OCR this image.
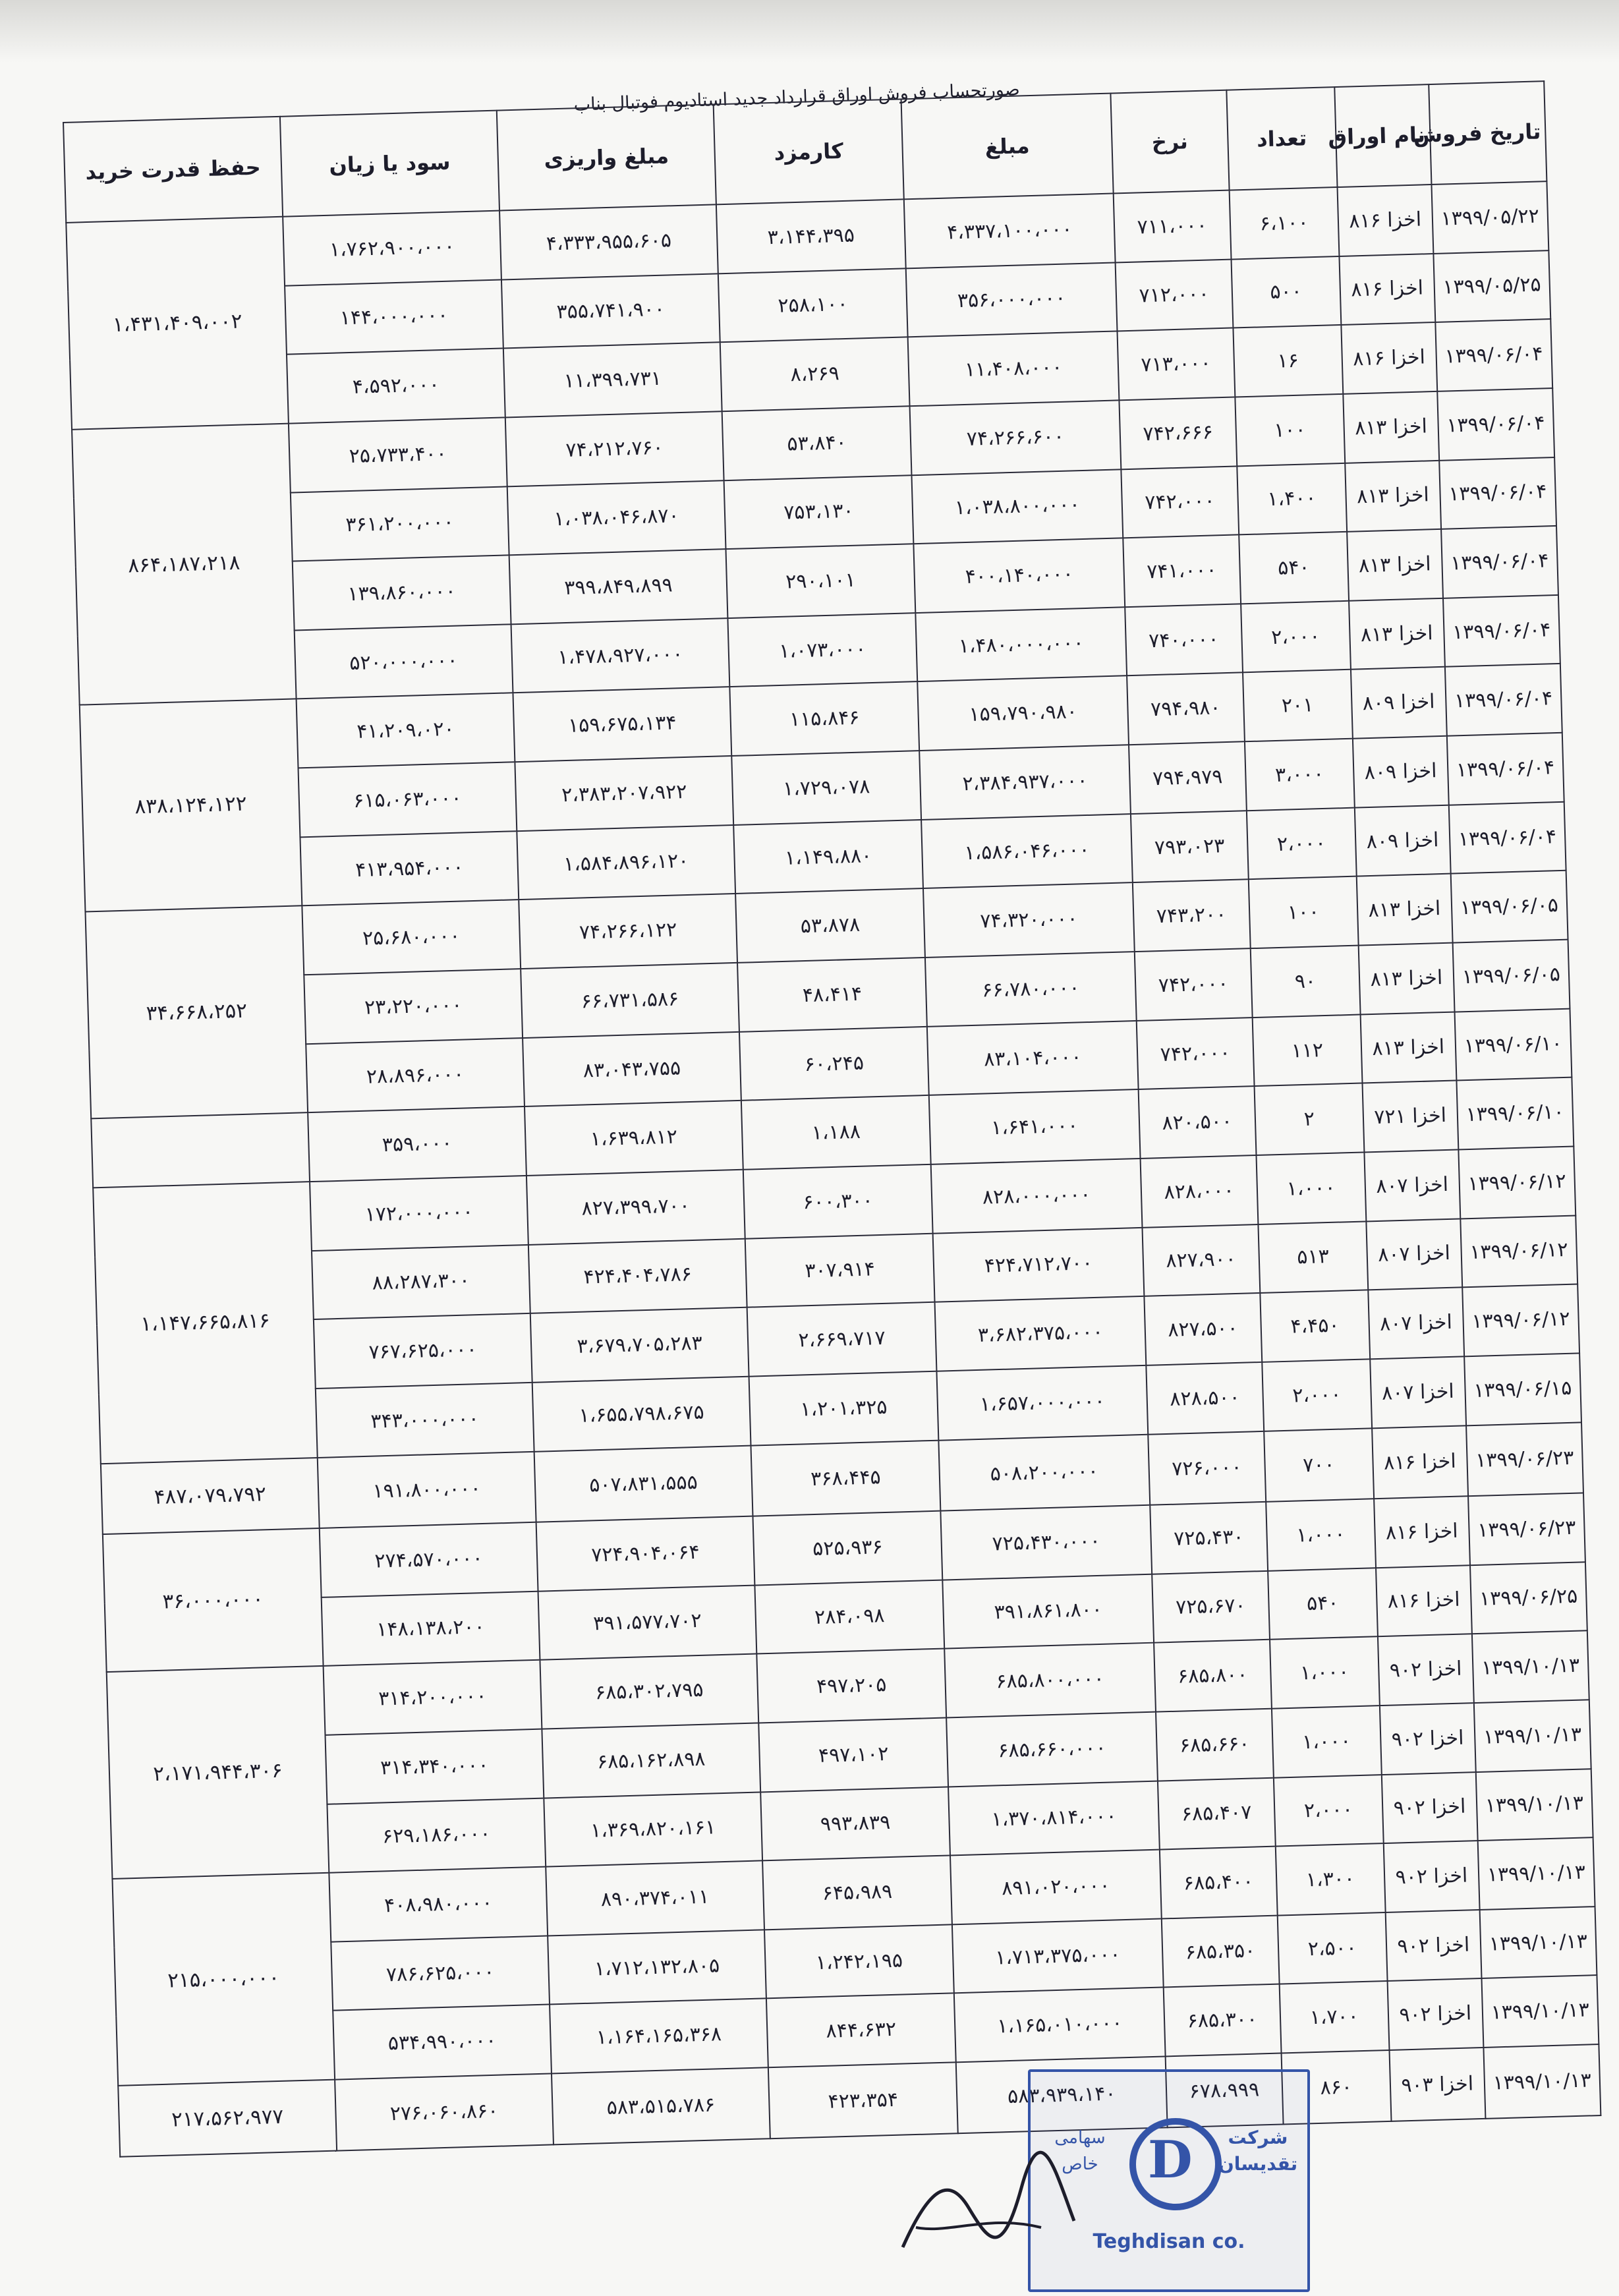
صورتحساب فروش اوراق قرارداد جدید استادیوم فوتبال بناب
تاریخ فروش	نام اوراق	تعداد	نرخ	مبلغ	کارمزد	مبلغ واریزی	سود یا زیان	حفظ قدرت خرید
۱۳۹۹/۰۵/۲۲	اخزا ۸۱۶	۶،۱۰۰	۷۱۱،۰۰۰	۴،۳۳۷،۱۰۰،۰۰۰	۳،۱۴۴،۳۹۵	۴،۳۳۳،۹۵۵،۶۰۵	۱،۷۶۲،۹۰۰،۰۰۰	۱،۴۳۱،۴۰۹،۰۰۲
۱۳۹۹/۰۵/۲۵	اخزا ۸۱۶	۵۰۰	۷۱۲،۰۰۰	۳۵۶،۰۰۰،۰۰۰	۲۵۸،۱۰۰	۳۵۵،۷۴۱،۹۰۰	۱۴۴،۰۰۰،۰۰۰	
۱۳۹۹/۰۶/۰۴	اخزا ۸۱۶	۱۶	۷۱۳،۰۰۰	۱۱،۴۰۸،۰۰۰	۸،۲۶۹	۱۱،۳۹۹،۷۳۱	۴،۵۹۲،۰۰۰	
۱۳۹۹/۰۶/۰۴	اخزا ۸۱۳	۱۰۰	۷۴۲،۶۶۶	۷۴،۲۶۶،۶۰۰	۵۳،۸۴۰	۷۴،۲۱۲،۷۶۰	۲۵،۷۳۳،۴۰۰	۸۶۴،۱۸۷،۲۱۸
۱۳۹۹/۰۶/۰۴	اخزا ۸۱۳	۱،۴۰۰	۷۴۲،۰۰۰	۱،۰۳۸،۸۰۰،۰۰۰	۷۵۳،۱۳۰	۱،۰۳۸،۰۴۶،۸۷۰	۳۶۱،۲۰۰،۰۰۰	
۱۳۹۹/۰۶/۰۴	اخزا ۸۱۳	۵۴۰	۷۴۱،۰۰۰	۴۰۰،۱۴۰،۰۰۰	۲۹۰،۱۰۱	۳۹۹،۸۴۹،۸۹۹	۱۳۹،۸۶۰،۰۰۰	
۱۳۹۹/۰۶/۰۴	اخزا ۸۱۳	۲،۰۰۰	۷۴۰،۰۰۰	۱،۴۸۰،۰۰۰،۰۰۰	۱،۰۷۳،۰۰۰	۱،۴۷۸،۹۲۷،۰۰۰	۵۲۰،۰۰۰،۰۰۰	
۱۳۹۹/۰۶/۰۴	اخزا ۸۰۹	۲۰۱	۷۹۴،۹۸۰	۱۵۹،۷۹۰،۹۸۰	۱۱۵،۸۴۶	۱۵۹،۶۷۵،۱۳۴	۴۱،۲۰۹،۰۲۰	۸۳۸،۱۲۴،۱۲۲
۱۳۹۹/۰۶/۰۴	اخزا ۸۰۹	۳،۰۰۰	۷۹۴،۹۷۹	۲،۳۸۴،۹۳۷،۰۰۰	۱،۷۲۹،۰۷۸	۲،۳۸۳،۲۰۷،۹۲۲	۶۱۵،۰۶۳،۰۰۰	
۱۳۹۹/۰۶/۰۴	اخزا ۸۰۹	۲،۰۰۰	۷۹۳،۰۲۳	۱،۵۸۶،۰۴۶،۰۰۰	۱،۱۴۹،۸۸۰	۱،۵۸۴،۸۹۶،۱۲۰	۴۱۳،۹۵۴،۰۰۰	
۱۳۹۹/۰۶/۰۵	اخزا ۸۱۳	۱۰۰	۷۴۳،۲۰۰	۷۴،۳۲۰،۰۰۰	۵۳،۸۷۸	۷۴،۲۶۶،۱۲۲	۲۵،۶۸۰،۰۰۰	۳۴،۶۶۸،۲۵۲
۱۳۹۹/۰۶/۰۵	اخزا ۸۱۳	۹۰	۷۴۲،۰۰۰	۶۶،۷۸۰،۰۰۰	۴۸،۴۱۴	۶۶،۷۳۱،۵۸۶	۲۳،۲۲۰،۰۰۰	
۱۳۹۹/۰۶/۱۰	اخزا ۸۱۳	۱۱۲	۷۴۲،۰۰۰	۸۳،۱۰۴،۰۰۰	۶۰،۲۴۵	۸۳،۰۴۳،۷۵۵	۲۸،۸۹۶،۰۰۰	
۱۳۹۹/۰۶/۱۰	اخزا ۷۲۱	۲	۸۲۰،۵۰۰	۱،۶۴۱،۰۰۰	۱،۱۸۸	۱،۶۳۹،۸۱۲	۳۵۹،۰۰۰	
۱۳۹۹/۰۶/۱۲	اخزا ۸۰۷	۱،۰۰۰	۸۲۸،۰۰۰	۸۲۸،۰۰۰،۰۰۰	۶۰۰،۳۰۰	۸۲۷،۳۹۹،۷۰۰	۱۷۲،۰۰۰،۰۰۰	۱،۱۴۷،۶۶۵،۸۱۶
۱۳۹۹/۰۶/۱۲	اخزا ۸۰۷	۵۱۳	۸۲۷،۹۰۰	۴۲۴،۷۱۲،۷۰۰	۳۰۷،۹۱۴	۴۲۴،۴۰۴،۷۸۶	۸۸،۲۸۷،۳۰۰	
۱۳۹۹/۰۶/۱۲	اخزا ۸۰۷	۴،۴۵۰	۸۲۷،۵۰۰	۳،۶۸۲،۳۷۵،۰۰۰	۲،۶۶۹،۷۱۷	۳،۶۷۹،۷۰۵،۲۸۳	۷۶۷،۶۲۵،۰۰۰	
۱۳۹۹/۰۶/۱۵	اخزا ۸۰۷	۲،۰۰۰	۸۲۸،۵۰۰	۱،۶۵۷،۰۰۰،۰۰۰	۱،۲۰۱،۳۲۵	۱،۶۵۵،۷۹۸،۶۷۵	۳۴۳،۰۰۰،۰۰۰	
۱۳۹۹/۰۶/۲۳	اخزا ۸۱۶	۷۰۰	۷۲۶،۰۰۰	۵۰۸،۲۰۰،۰۰۰	۳۶۸،۴۴۵	۵۰۷،۸۳۱،۵۵۵	۱۹۱،۸۰۰،۰۰۰	۴۸۷،۰۷۹،۷۹۲
۱۳۹۹/۰۶/۲۳	اخزا ۸۱۶	۱،۰۰۰	۷۲۵،۴۳۰	۷۲۵،۴۳۰،۰۰۰	۵۲۵،۹۳۶	۷۲۴،۹۰۴،۰۶۴	۲۷۴،۵۷۰،۰۰۰	۳۶،۰۰۰،۰۰۰
۱۳۹۹/۰۶/۲۵	اخزا ۸۱۶	۵۴۰	۷۲۵،۶۷۰	۳۹۱،۸۶۱،۸۰۰	۲۸۴،۰۹۸	۳۹۱،۵۷۷،۷۰۲	۱۴۸،۱۳۸،۲۰۰	
۱۳۹۹/۱۰/۱۳	اخزا ۹۰۲	۱،۰۰۰	۶۸۵،۸۰۰	۶۸۵،۸۰۰،۰۰۰	۴۹۷،۲۰۵	۶۸۵،۳۰۲،۷۹۵	۳۱۴،۲۰۰،۰۰۰	۲،۱۷۱،۹۴۴،۳۰۶
۱۳۹۹/۱۰/۱۳	اخزا ۹۰۲	۱،۰۰۰	۶۸۵،۶۶۰	۶۸۵،۶۶۰،۰۰۰	۴۹۷،۱۰۲	۶۸۵،۱۶۲،۸۹۸	۳۱۴،۳۴۰،۰۰۰	
۱۳۹۹/۱۰/۱۳	اخزا ۹۰۲	۲،۰۰۰	۶۸۵،۴۰۷	۱،۳۷۰،۸۱۴،۰۰۰	۹۹۳،۸۳۹	۱،۳۶۹،۸۲۰،۱۶۱	۶۲۹،۱۸۶،۰۰۰	
۱۳۹۹/۱۰/۱۳	اخزا ۹۰۲	۱،۳۰۰	۶۸۵،۴۰۰	۸۹۱،۰۲۰،۰۰۰	۶۴۵،۹۸۹	۸۹۰،۳۷۴،۰۱۱	۴۰۸،۹۸۰،۰۰۰	۲۱۵،۰۰۰،۰۰۰
۱۳۹۹/۱۰/۱۳	اخزا ۹۰۲	۲،۵۰۰	۶۸۵،۳۵۰	۱،۷۱۳،۳۷۵،۰۰۰	۱،۲۴۲،۱۹۵	۱،۷۱۲،۱۳۲،۸۰۵	۷۸۶،۶۲۵،۰۰۰	
۱۳۹۹/۱۰/۱۳	اخزا ۹۰۲	۱،۷۰۰	۶۸۵،۳۰۰	۱،۱۶۵،۰۱۰،۰۰۰	۸۴۴،۶۳۲	۱،۱۶۴،۱۶۵،۳۶۸	۵۳۴،۹۹۰،۰۰۰	
۱۳۹۹/۱۰/۱۳	اخزا ۹۰۳	۸۶۰	۶۷۸،۹۹۹	۵۸۳،۹۳۹،۱۴۰	۴۲۳،۳۵۴	۵۸۳،۵۱۵،۷۸۶	۲۷۶،۰۶۰،۸۶۰	۲۱۷،۵۶۲،۹۷۷
D	شرکت تقدیسان
سهامی خاص
Teghdisan co.
